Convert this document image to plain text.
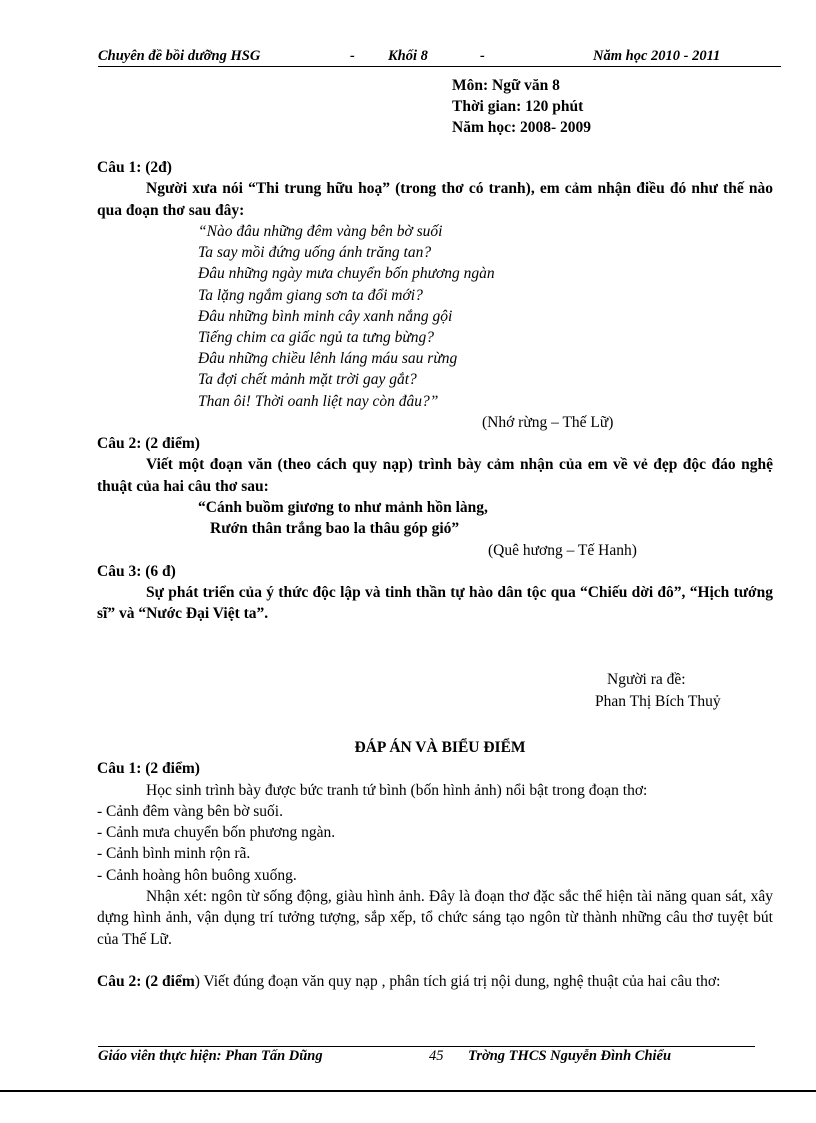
Chuyên đề bồi dưỡng HSG	- Khối 8	-	Năm học 2010 - 2011
Môn: Ngữ văn 8
Thời gian: 120 phút
Năm học: 2008- 2009
Câu 1: (2đ)
Người xưa nói “Thi trung hữu hoạ” (trong thơ có tranh), em cảm nhận điều đó như thế nào qua đoạn thơ sau đây:
“Nào đâu những đêm vàng bên bờ suối
Ta say mồi đứng uống ánh trăng tan?
Đâu những ngày mưa chuyển bốn phương ngàn
Ta lặng ngắm giang sơn ta đổi mới?
Đâu những bình minh cây xanh nắng gội
Tiếng chim ca giấc ngủ ta tưng bừng?
Đâu những chiều lênh láng máu sau rừng
Ta đợi chết mảnh mặt trời gay gắt?
Than ôi! Thời oanh liệt nay còn đâu?”
(Nhớ rừng – Thế Lữ)
Câu 2: (2 điểm)
Viết một đoạn văn (theo cách quy nạp) trình bày cảm nhận của em về vẻ đẹp độc đáo nghệ thuật của hai câu thơ sau:
“Cánh buồm giương to như mảnh hồn làng,
Rướn thân trắng bao la thâu góp gió”
(Quê hương – Tế Hanh)
Câu 3: (6 đ)
Sự phát triển của ý thức độc lập và tinh thần tự hào dân tộc qua “Chiếu dời đô”, “Hịch tướng sĩ” và “Nước Đại Việt ta”.
Người ra đề:
Phan Thị Bích Thuỷ
ĐÁP ÁN VÀ BIỂU ĐIỂM
Câu 1: (2 điểm)
Học sinh trình bày được bức tranh tứ bình (bốn hình ảnh) nổi bật trong đoạn thơ:
- Cảnh đêm vàng bên bờ suối.
- Cảnh mưa chuyển bốn phương ngàn.
- Cảnh bình minh rộn rã.
- Cảnh hoàng hôn buông xuống.
Nhận xét: ngôn từ sống động, giàu hình ảnh. Đây là đoạn thơ đặc sắc thể hiện tài năng quan sát, xây dựng hình ảnh, vận dụng trí tưởng tượng, sắp xếp, tổ chức sáng tạo ngôn từ thành những câu thơ tuyệt bút của Thế Lữ.
Câu 2: (2 điểm) Viết đúng đoạn văn quy nạp , phân tích giá trị nội dung, nghệ thuật của hai câu thơ:
Giáo viên thực hiện: Phan Tấn Dũng	45 Trờng THCS Nguyễn Đình Chiểu
